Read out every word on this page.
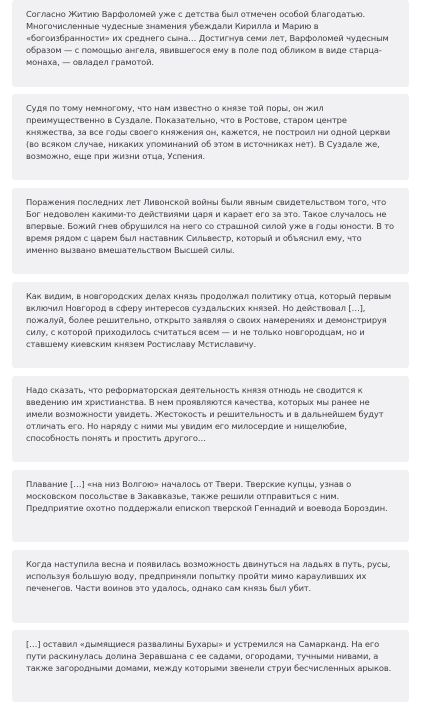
Согласно Житию Варфоломей уже с детства был отмечен особой благодатью. Многочисленные чудесные знамения убеждали Кирилла и Марию в «богоизбранности» их среднего сына… Достигнув семи лет, Варфоломей чудесным образом — с помощью ангела, явившегося ему в поле под обликом в виде старца-монаха, — овладел грамотой.

Судя по тому немногому, что нам известно о князе той поры, он жил преимущественно в Суздале. Показательно, что в Ростове, старом центре княжества, за все годы своего княжения он, кажется, не построил ни одной церкви (во всяком случае, никаких упоминаний об этом в источниках нет). В Суздале же, возможно, еще при жизни отца, Успения.

Поражения последних лет Ливонской войны были явным свидетельством того, что Бог недоволен какими-то действиями царя и карает его за это. Такое случалось не впервые. Божий гнев обрушился на него со страшной силой уже в годы юности. В то время рядом с царем был наставник Сильвестр, который и объяснил ему, что именно вызвано вмешательством Высшей силы.

Как видим, в новгородских делах князь продолжал политику отца, который первым включил Новгород в сферу интересов суздальских князей. Но действовал […], пожалуй, более решительно, открыто заявляя о своих намерениях и демонстрируя силу, с которой приходилось считаться всем — и не только новгородцам, но и ставшему киевским князем Ростиславу Мстиславичу.

Надо сказать, что реформаторская деятельность князя отнюдь не сводится к введению им христианства. В нем проявляются качества, которых мы ранее не имели возможности увидеть. Жестокость и решительность и в дальнейшем будут отличать его. Но наряду с ними мы увидим его милосердие и нищелюбие, способность понять и простить другого…

Плавание […] «на низ Волгою» началось от Твери. Тверские купцы, узнав о московском посольстве в Закавказье, также решили отправиться с ним. Предприятие охотно поддержали епископ тверской Геннадий и воевода Бороздин.

Когда наступила весна и появилась возможность двинуться на ладьях в путь, русы, используя большую воду, предприняли попытку пройти мимо карауливших их печенегов. Части воинов это удалось, однако сам князь был убит.

[…] оставил «дымящиеся развалины Бухары» и устремился на Самарканд. На его пути раскинулась долина Зеравшана с ее садами, огородами, тучными нивами, а также загородными домами, между которыми звенели струи бесчисленных арыков.
